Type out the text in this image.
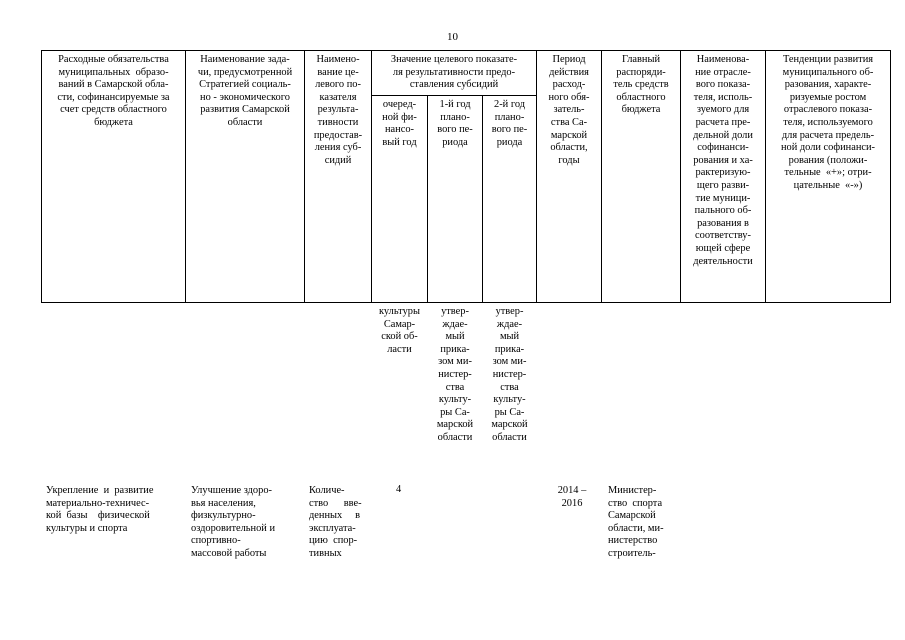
10
Расходные обязательства
муниципальных  образо-
ваний в Самарской обла-
сти, софинансируемые за
счет средств областного
бюджета
Наименование зада-
чи, предусмотренной
Стратегией социаль-
но - экономического
развития Самарской
области
Наимено-
вание це-
левого по-
казателя
результа-
тивности
предостав-
ления суб-
сидий
Значение целевого показате-
ля результативности предо-
ставления субсидий
очеред-
ной фи-
нансо-
вый год
1-й год
плано-
вого пе-
риода
2-й год
плано-
вого пе-
риода
Период
действия
расход-
ного обя-
затель-
ства Са-
марской
области,
годы
Главный
распоряди-
тель средств
областного
бюджета
Наименова-
ние отрасле-
вого показа-
теля, исполь-
зуемого для
расчета пре-
дельной доли
софинанси-
рования и ха-
рактеризую-
щего разви-
тие муници-
пального об-
разования в
соответству-
ющей сфере
деятельности
Тенденции развития
муниципального об-
разования, характе-
ризуемые ростом
отраслевого показа-
теля, используемого
для расчета предель-
ной доли софинанси-
рования (положи-
тельные  «+»; отри-
цательные  «-»)
культуры
Самар-
ской об-
ласти
утвер-
ждае-
мый
прика-
зом ми-
нистер-
ства
культу-
ры Са-
марской
области
утвер-
ждае-
мый
прика-
зом ми-
нистер-
ства
культу-
ры Са-
марской
области
Укрепление  и  развитие
материально-техничес-
кой  базы    физической
культуры и спорта
Улучшение здоро-
вья населения,
физкультурно-
оздоровительной и
спортивно-
массовой работы
Количе-
ство      вве-
денных     в
эксплуата-
цию  спор-
тивных
4	2014 –
2016
Министер-
ство  спорта
Самарской
области, ми-
нистерство
строитель-
